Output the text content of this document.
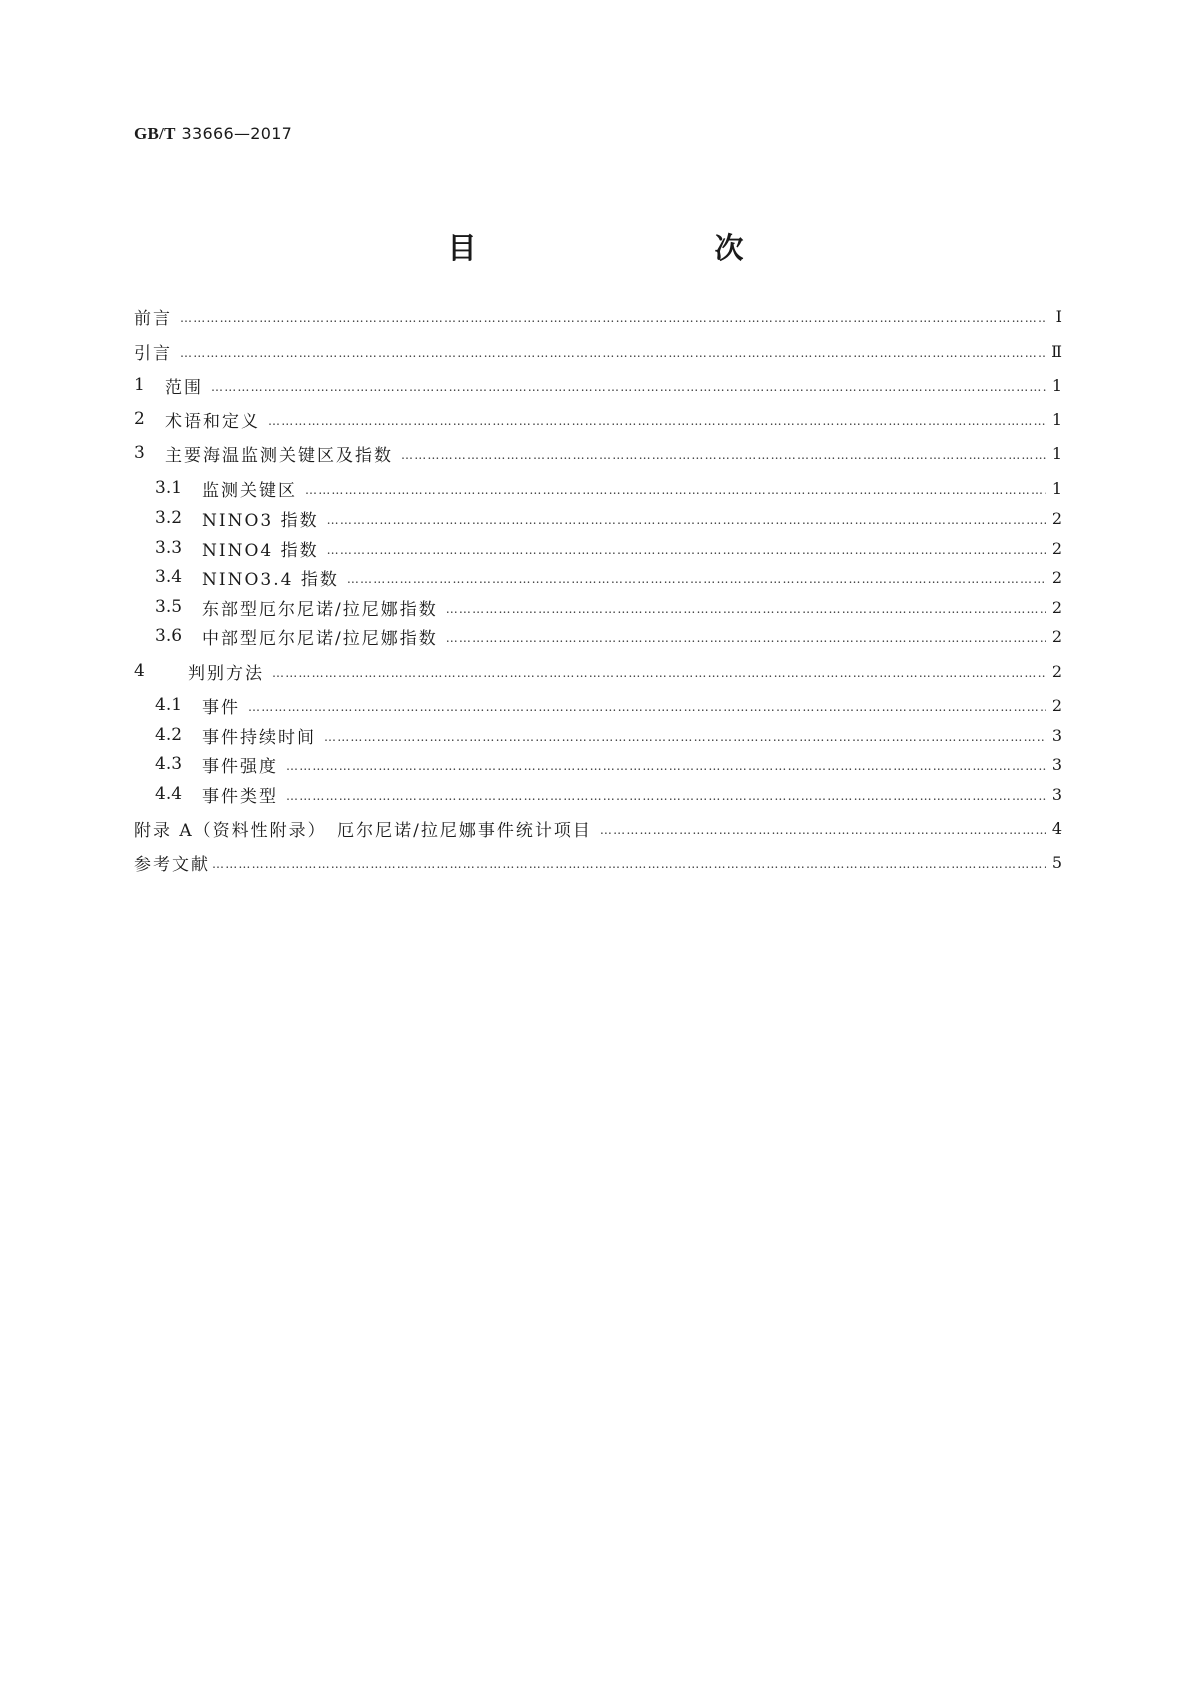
GB/T 33666—2017
目　　次
前言 …………………………………………………………………………………………………………………………………………………………………………………………………………………………………………	Ⅰ
引言 …………………………………………………………………………………………………………………………………………………………………………………………………………………………………………	Ⅱ
1	范围 …………………………………………………………………………………………………………………………………………………………………………………………………………………………………………	1
2	术语和定义 …………………………………………………………………………………………………………………………………………………………………………………………………………………………………………	1
3	主要海温监测关键区及指数 …………………………………………………………………………………………………………………………………………………………………………………………………………………………………………	1
3.1	监测关键区 …………………………………………………………………………………………………………………………………………………………………………………………………………………………………………	1
3.2	NINO3 指数 …………………………………………………………………………………………………………………………………………………………………………………………………………………………………………	2
3.3	NINO4 指数 …………………………………………………………………………………………………………………………………………………………………………………………………………………………………………	2
3.4	NINO3.4 指数 …………………………………………………………………………………………………………………………………………………………………………………………………………………………………………	2
3.5	东部型厄尔尼诺/拉尼娜指数 …………………………………………………………………………………………………………………………………………………………………………………………………………………………………………	2
3.6	中部型厄尔尼诺/拉尼娜指数 …………………………………………………………………………………………………………………………………………………………………………………………………………………………………………	2
4	判别方法 …………………………………………………………………………………………………………………………………………………………………………………………………………………………………………	2
4.1	事件 …………………………………………………………………………………………………………………………………………………………………………………………………………………………………………	2
4.2	事件持续时间 …………………………………………………………………………………………………………………………………………………………………………………………………………………………………………	3
4.3	事件强度 …………………………………………………………………………………………………………………………………………………………………………………………………………………………………………	3
4.4	事件类型 …………………………………………………………………………………………………………………………………………………………………………………………………………………………………………	3
附录 A（资料性附录）　厄尔尼诺/拉尼娜事件统计项目 …………………………………………………………………………………………………………………………………………………………………………………………………………………………………………	4
参考文献 …………………………………………………………………………………………………………………………………………………………………………………………………………………………………………	5
